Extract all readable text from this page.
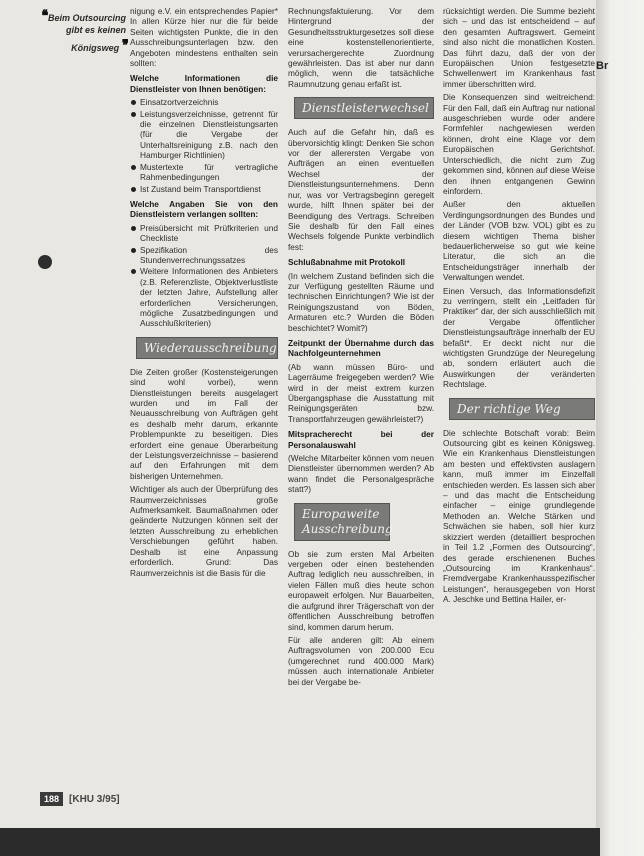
❛❛ Beim Outsourcing gibt es keinen Königsweg ❜❜

nigung e.V. ein entsprechendes Papier* In allen Kürze hier nur die für beide Seiten wichtigsten Punkte, die in den Ausschreibungsunterlagen bzw. den Angeboten mindestens enthalten sein sollten:

Welche Informationen die Dienstleister von Ihnen benötigen:

Einsatzortverzeichnis
Leistungsverzeichnisse, getrennt für die einzelnen Dienstleistungsarten (für die Vergabe der Unterhaltsreinigung z.B. nach den Hamburger Richtlinien)
Mustertexte für vertragliche Rahmenbedingungen
Ist Zustand beim Transportdienst

Welche Angaben Sie von den Dienstleistern verlangen sollten:

Preisübersicht mit Prüfkriterien und Checkliste
Spezifikation des Stundenverrechnungssatzes
Weitere Informationen des Anbieters (z.B. Referenzliste, Objektverlustliste der letzten Jahre, Aufstellung aller erforderlichen Versicherungen, mögliche Zusatzbedingungen und Ausschlußkriterien)
Wiederausschreibung

Die Zeiten großer (Kostensteigerungen sind wohl vorbei), wenn Dienstleistungen bereits ausgelagert wurden und im Fall der Neuausschreibung von Aufträgen geht es deshalb mehr darum, erkannte Problempunkte zu beseitigen. Dies erfordert eine genaue Überarbeitung der Leistungsverzeichnisse – basierend auf den Erfahrungen mit dem bisherigen Unternehmen.

Wichtiger als auch der Überprüfung des Raumverzeichnisses große Aufmerksamkeit. Baumaßnahmen oder geänderte Nutzungen können seit der letzten Ausschreibung zu erheblichen Verschiebungen geführt haben. Deshalb ist eine Anpassung erforderlich. Grund: Das Raumverzeichnis ist die Basis für die

Rechnungsfaktuierung. Vor dem Hintergrund der Gesundheitsstrukturgesetzes soll diese eine kostenstellenorientierte, verursachergerechte Zuordnung gewährleisten. Das ist aber nur dann möglich, wenn die tatsächliche Raumnutzung genau erfaßt ist.

Dienstleisterwechsel

Auch auf die Gefahr hin, daß es übervorsichtig klingt: Denken Sie schon vor der allerersten Vergabe von Aufträgen an einen eventuellen Wechsel der Dienstleistungsunternehmens. Denn nur, was vor Vertragsbeginn geregelt wurde, hilft Ihnen später bei der Beendigung des Vertrags. Schreiben Sie deshalb für den Fall eines Wechsels folgende Punkte verbindlich fest:

Schlußabnahme mit Protokoll

(In welchem Zustand befinden sich die zur Verfügung gestellten Räume und technischen Einrichtungen? Wie ist der Reinigungszustand von Böden, Armaturen etc.? Wurden die Böden beschichtet? Womit?)

Zeitpunkt der Übernahme durch das Nachfolgeunternehmen

(Ab wann müssen Büro- und Lagerräume freigegeben werden? Wie wird in der meist extrem kurzen Übergangsphase die Ausstattung mit Reinigungsgeräten bzw. Transportfahrzeugen gewährleistet?)

Mitspracherecht bei der Personalauswahl

(Welche Mitarbeiter können vom neuen Dienstleister übernommen werden? Ab wann findet die Personalgespräche statt?)

Europaweite Ausschreibung

Ob sie zum ersten Mal Arbeiten vergeben oder einen bestehenden Auftrag lediglich neu ausschreiben, in vielen Fällen muß dies heute schon europaweit erfolgen. Nur Bauarbeiten, die aufgrund ihrer Trägerschaft von der öffentlichen Ausschreibung betroffen sind, kommen darum herum.

Für alle anderen gilt: Ab einem Auftragsvolumen von 200.000 Ecu (umgerechnet rund 400.000 Mark) müssen auch internationale Anbieter bei der Vergabe be-

rücksichtigt werden. Die Summe bezieht sich – und das ist entscheidend – auf den gesamten Auftragswert. Gemeint sind also nicht die monatlichen Kosten. Das führt dazu, daß der von der Europäischen Union festgesetzte Schwellenwert im Krankenhaus fast immer überschritten wird.

Die Konsequenzen sind weitreichend: Für den Fall, daß ein Auftrag nur national ausgeschrieben wurde oder andere Formfehler nachgewiesen werden können, droht eine Klage vor dem Europäischen Gerichtshof. Unterschiedlich, die nicht zum Zug gekommen sind, können auf diese Weise den ihnen entgangenen Gewinn einfordern.

Außer den aktuellen Verdingungsordnungen des Bundes und der Länder (VOB bzw. VOL) gibt es zu diesem wichtigen Thema bisher bedauerlicherweise so gut wie keine Literatur, die sich an die Entscheidungsträger innerhalb der Verwaltungen wendet.

Einen Versuch, das Informationsdefizit zu verringern, stellt ein „Leitfaden für Praktiker“ dar, der sich ausschließlich mit der Vergabe öffentlicher Dienstleistungsaufträge innerhalb der EU befaßt*. Er deckt nicht nur die wichtigsten Grundzüge der Neuregelung ab, sondern erläutert auch die Auswirkungen der veränderten Rechtslage.

Der richtige Weg

Die schlechte Botschaft vorab: Beim Outsourcing gibt es keinen Königsweg. Wie ein Krankenhaus Dienstleistungen am besten und effektivsten auslagern kann, muß immer im Einzelfall entschieden werden. Es lassen sich aber – und das macht die Entscheidung einfacher – einige grundlegende Methoden an. Welche Stärken und Schwächen sie haben, soll hier kurz skizziert werden (detailliert besprochen in Teil 1.2 „Formen des Outsourcing“, des gerade erschienenen Buches „Outsourcing im Krankenhaus“. Fremdvergabe Krankenhausspezifischer Leistungen“, herausgegeben von Horst A. Jeschke und Bettina Hailer, er-

188	[KHU 3/95]
Br
